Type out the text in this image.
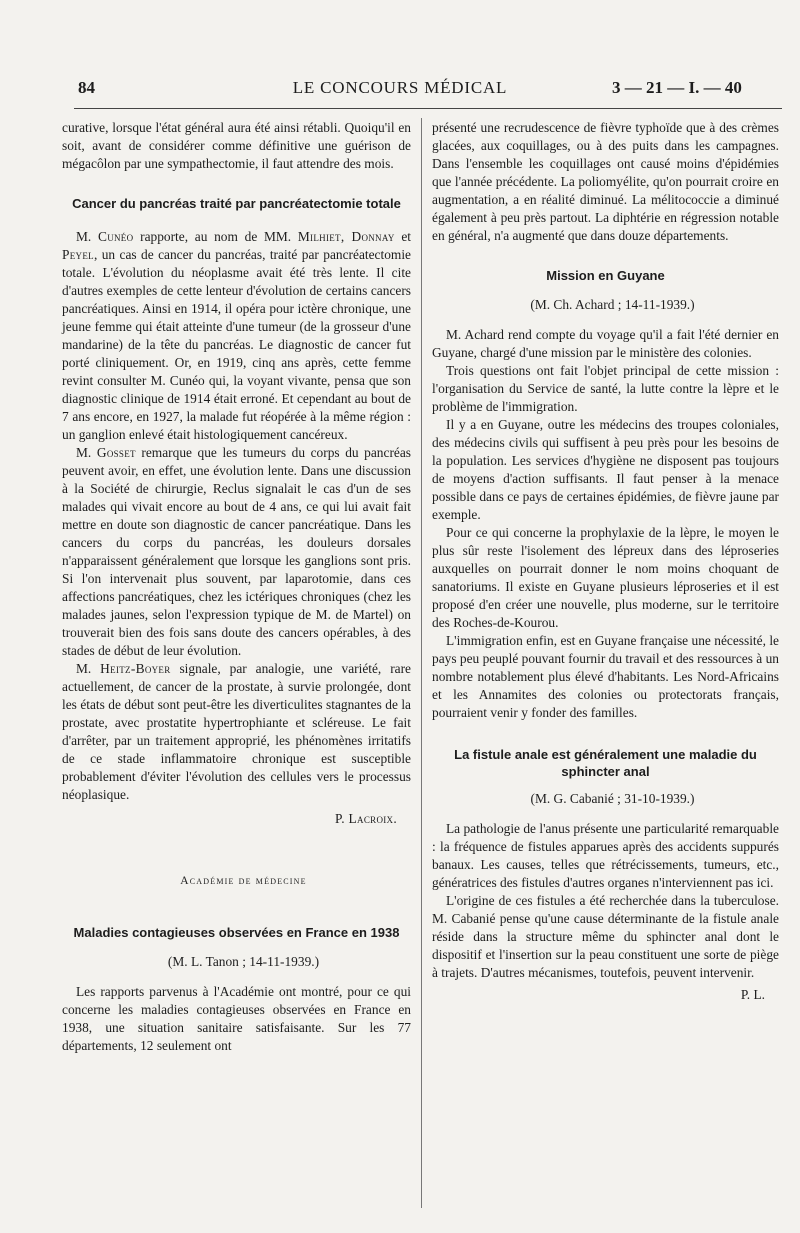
84	LE CONCOURS MÉDICAL	3 — 21 — I. — 40

curative, lorsque l'état général aura été ainsi rétabli. Quoiqu'il en soit, avant de considérer comme définitive une guérison de mégacôlon par une sympathectomie, il faut attendre des mois.

Cancer du pancréas traité par pancréatectomie totale

M. Cunéo rapporte, au nom de MM. Milhiet, Donnay et Peyel, un cas de cancer du pancréas, traité par pancréatectomie totale. L'évolution du néoplasme avait été très lente. Il cite d'autres exemples de cette lenteur d'évolution de certains cancers pancréatiques. Ainsi en 1914, il opéra pour ictère chronique, une jeune femme qui était atteinte d'une tumeur (de la grosseur d'une mandarine) de la tête du pancréas. Le diagnostic de cancer fut porté cliniquement. Or, en 1919, cinq ans après, cette femme revint consulter M. Cunéo qui, la voyant vivante, pensa que son diagnostic clinique de 1914 était erroné. Et cependant au bout de 7 ans encore, en 1927, la malade fut réopérée à la même région : un ganglion enlevé était histologiquement cancéreux.

M. Gosset remarque que les tumeurs du corps du pancréas peuvent avoir, en effet, une évolution lente. Dans une discussion à la Société de chirurgie, Reclus signalait le cas d'un de ses malades qui vivait encore au bout de 4 ans, ce qui lui avait fait mettre en doute son diagnostic de cancer pancréatique. Dans les cancers du corps du pancréas, les douleurs dorsales n'apparaissent généralement que lorsque les ganglions sont pris. Si l'on intervenait plus souvent, par laparotomie, dans ces affections pancréatiques, chez les ictériques chroniques (chez les malades jaunes, selon l'expression typique de M. de Martel) on trouverait bien des fois sans doute des cancers opérables, à des stades de début de leur évolution.

M. Heitz-Boyer signale, par analogie, une variété, rare actuellement, de cancer de la prostate, à survie prolongée, dont les états de début sont peut-être les diverticulites stagnantes de la prostate, avec prostatite hypertrophiante et scléreuse. Le fait d'arrêter, par un traitement approprié, les phénomènes irritatifs de ce stade inflammatoire chronique est susceptible probablement d'éviter l'évolution des cellules vers le processus néoplasique.

P. Lacroix.

Académie de médecine

Maladies contagieuses observées en France en 1938

(M. L. Tanon ; 14-11-1939.)

Les rapports parvenus à l'Académie ont montré, pour ce qui concerne les maladies contagieuses observées en France en 1938, une situation sanitaire satisfaisante. Sur les 77 départements, 12 seulement ont

présenté une recrudescence de fièvre typhoïde que à des crèmes glacées, aux coquillages, ou à des puits dans les campagnes. Dans l'ensemble les coquillages ont causé moins d'épidémies que l'année précédente. La poliomyélite, qu'on pourrait croire en augmentation, a en réalité diminué. La mélitococcie a diminué également à peu près partout. La diphtérie en régression notable en général, n'a augmenté que dans douze départements.

Mission en Guyane

(M. Ch. Achard ; 14-11-1939.)

M. Achard rend compte du voyage qu'il a fait l'été dernier en Guyane, chargé d'une mission par le ministère des colonies.

Trois questions ont fait l'objet principal de cette mission : l'organisation du Service de santé, la lutte contre la lèpre et le problème de l'immigration.

Il y a en Guyane, outre les médecins des troupes coloniales, des médecins civils qui suffisent à peu près pour les besoins de la population. Les services d'hygiène ne disposent pas toujours de moyens d'action suffisants. Il faut penser à la menace possible dans ce pays de certaines épidémies, de fièvre jaune par exemple.

Pour ce qui concerne la prophylaxie de la lèpre, le moyen le plus sûr reste l'isolement des lépreux dans des léproseries auxquelles on pourrait donner le nom moins choquant de sanatoriums. Il existe en Guyane plusieurs léproseries et il est proposé d'en créer une nouvelle, plus moderne, sur le territoire des Roches-de-Kourou.

L'immigration enfin, est en Guyane française une nécessité, le pays peu peuplé pouvant fournir du travail et des ressources à un nombre notablement plus élevé d'habitants. Les Nord-Africains et les Annamites des colonies ou protectorats français, pourraient venir y fonder des familles.

La fistule anale est généralement une maladie du sphincter anal

(M. G. Cabanié ; 31-10-1939.)

La pathologie de l'anus présente une particularité remarquable : la fréquence de fistules apparues après des accidents suppurés banaux. Les causes, telles que rétrécissements, tumeurs, etc., génératrices des fistules d'autres organes n'interviennent pas ici.

L'origine de ces fistules a été recherchée dans la tuberculose. M. Cabanié pense qu'une cause déterminante de la fistule anale réside dans la structure même du sphincter anal dont le dispositif et l'insertion sur la peau constituent une sorte de piège à trajets. D'autres mécanismes, toutefois, peuvent intervenir.

P. L.
